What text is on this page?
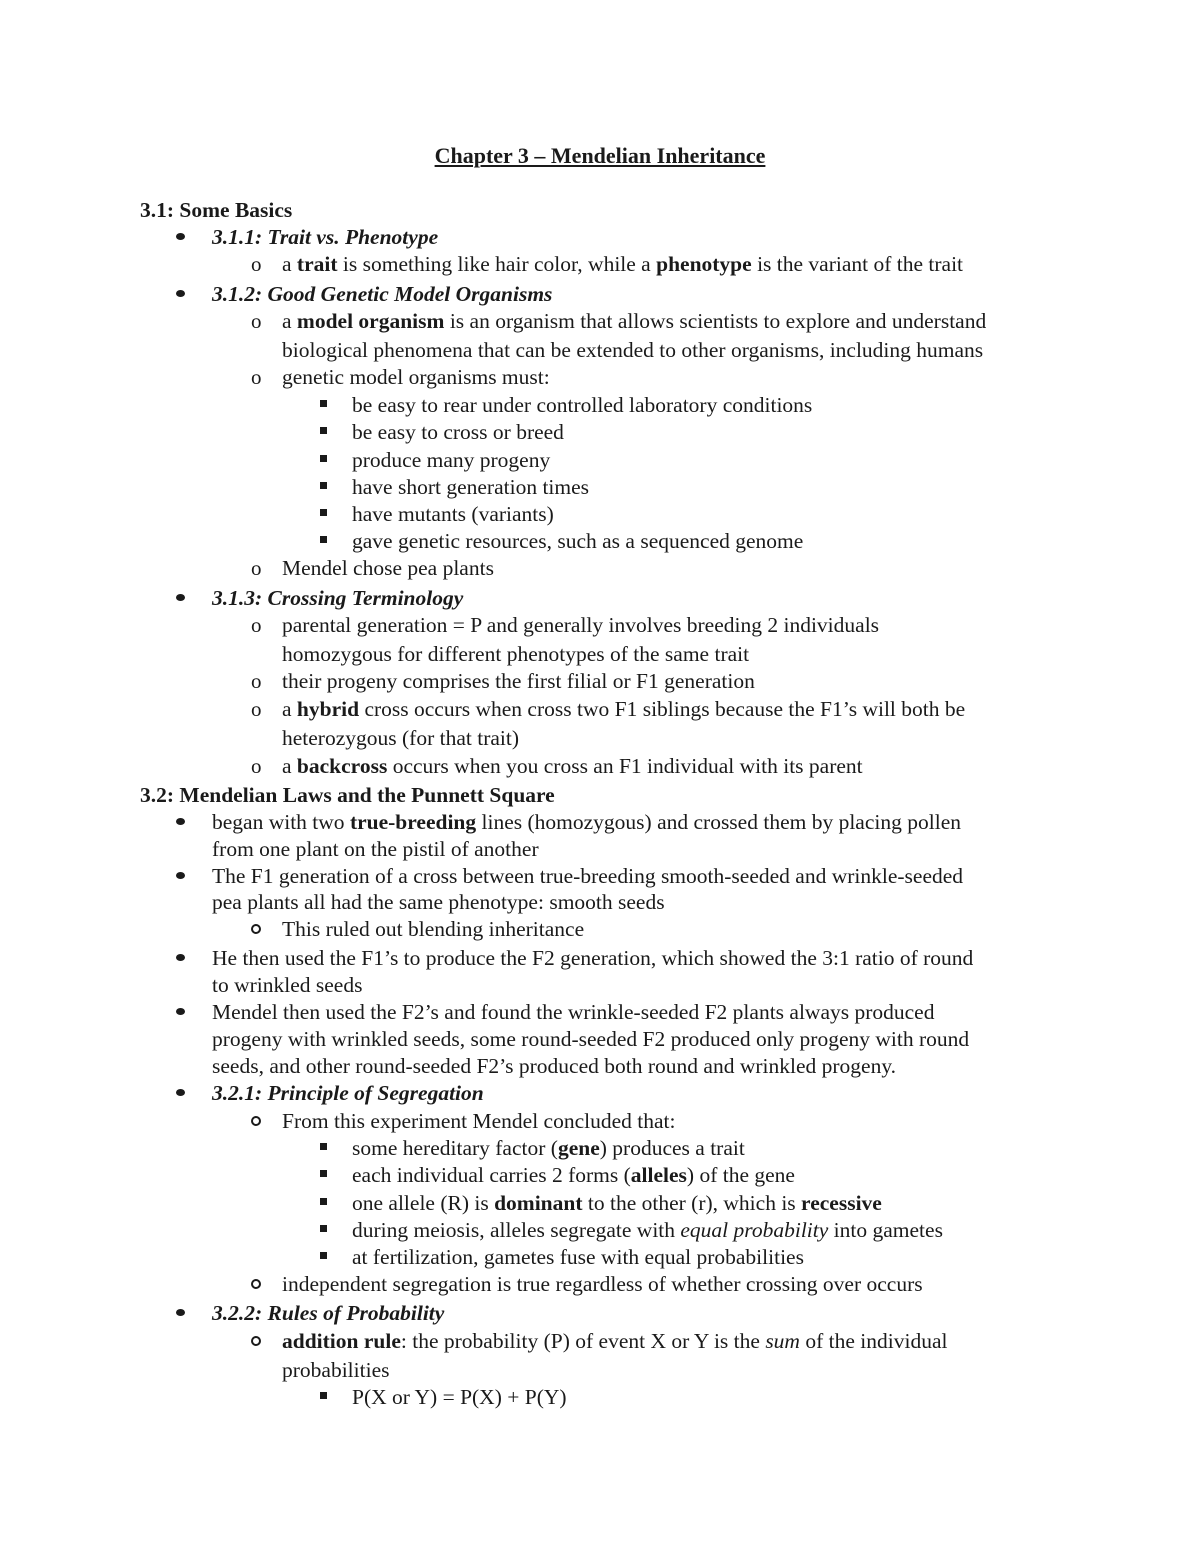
Chapter 3 – Mendelian Inheritance
3.1: Some Basics
3.1.1: Trait vs. Phenotype
o a trait is something like hair color, while a phenotype is the variant of the trait
3.1.2: Good Genetic Model Organisms
o a model organism is an organism that allows scientists to explore and understand
biological phenomena that can be extended to other organisms, including humans
o genetic model organisms must:
be easy to rear under controlled laboratory conditions
be easy to cross or breed
produce many progeny
have short generation times
have mutants (variants)
gave genetic resources, such as a sequenced genome
o Mendel chose pea plants
3.1.3: Crossing Terminology
o parental generation = P and generally involves breeding 2 individuals
homozygous for different phenotypes of the same trait
o their progeny comprises the first filial or F1 generation
o a hybrid cross occurs when cross two F1 siblings because the F1’s will both be
heterozygous (for that trait)
o a backcross occurs when you cross an F1 individual with its parent
3.2: Mendelian Laws and the Punnett Square
began with two true-breeding lines (homozygous) and crossed them by placing pollen
from one plant on the pistil of another
The F1 generation of a cross between true-breeding smooth-seeded and wrinkle-seeded
pea plants all had the same phenotype: smooth seeds
This ruled out blending inheritance
He then used the F1’s to produce the F2 generation, which showed the 3:1 ratio of round
to wrinkled seeds
Mendel then used the F2’s and found the wrinkle-seeded F2 plants always produced
progeny with wrinkled seeds, some round-seeded F2 produced only progeny with round
seeds, and other round-seeded F2’s produced both round and wrinkled progeny.
3.2.1: Principle of Segregation
From this experiment Mendel concluded that:
some hereditary factor (gene) produces a trait
each individual carries 2 forms (alleles) of the gene
one allele (R) is dominant to the other (r), which is recessive
during meiosis, alleles segregate with equal probability into gametes
at fertilization, gametes fuse with equal probabilities
independent segregation is true regardless of whether crossing over occurs
3.2.2: Rules of Probability
addition rule: the probability (P) of event X or Y is the sum of the individual
probabilities
P(X or Y) = P(X) + P(Y)
